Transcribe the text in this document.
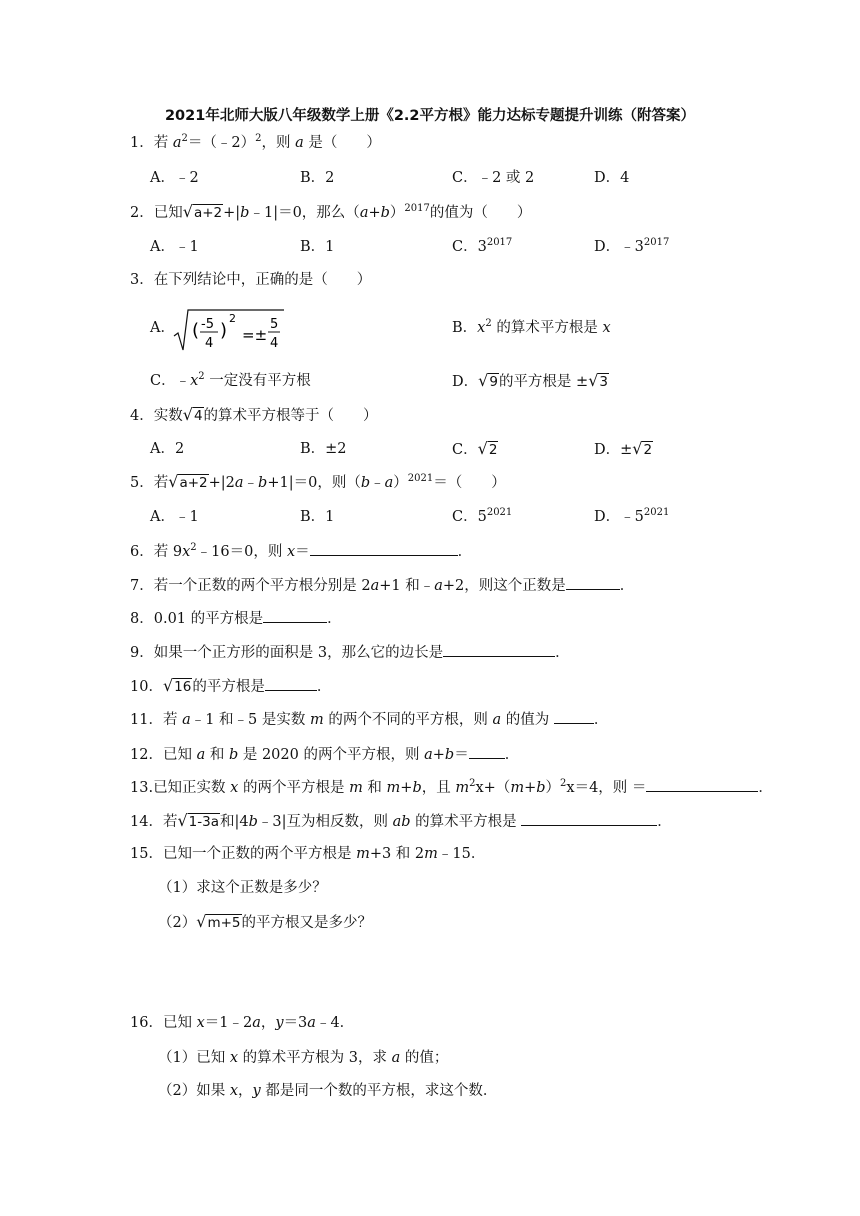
2021年北师大版八年级数学上册《2.2平方根》能力达标专题提升训练（附答案）
1．若 $a^2=(﹣2)^2$，则 a 是（　　）
A．﹣2	B．2	C．﹣2 或 2	D．4
2．已知√a+2+|b﹣1|＝0，那么$(a+b)^{2017}$的值为（　　）
A．﹣1	B．1	C．$3^{2017}$	D．$﹣3^{2017}$
3．在下列结论中，正确的是（　　）
A． ( -5
4
)
2
=±
5
4
B．$x^2$ 的算术平方根是 x
C．$﹣x^2$ 一定没有平方根	D．√9的平方根是 ±√3
4．实数√4的算术平方根等于（　　）
A．2	B．±2	C．√2	D．±√2
5．若√a+2+|2a﹣b+1|＝0，则（b﹣a）$^{2021}$＝（　　）
A．﹣1	B．1	C．$5^{2021}$	D．$﹣5^{2021}$
6．若 $9x^2﹣16=0$，则 x＝	．
7．若一个正数的两个平方根分别是 2a+1 和﹣a+2，则这个正数是	．
8．0.01 的平方根是	．
9．如果一个正方形的面积是 3，那么它的边长是	．
10．√16的平方根是	．
11．若 a﹣1 和﹣5 是实数 m 的两个不同的平方根，则 a 的值为	．
12．已知 a 和 b 是 2020 的两个平方根，则 a+b＝ ．
13.已知正实数 x 的两个平方根是 m 和 m+b，且 $m^2x+(m+b)^2x=4$，则 ＝	．
14．若√1-3a和|4b﹣3|互为相反数，则 ab 的算术平方根是	．
15．已知一个正数的两个平方根是 m+3 和 2m﹣15．
（1）求这个正数是多少？
（2）√m+5的平方根又是多少？
16．已知 x＝1﹣2a，y＝3a﹣4．
（1）已知 x 的算术平方根为 3，求 a 的值；
（2）如果 x，y 都是同一个数的平方根，求这个数．
